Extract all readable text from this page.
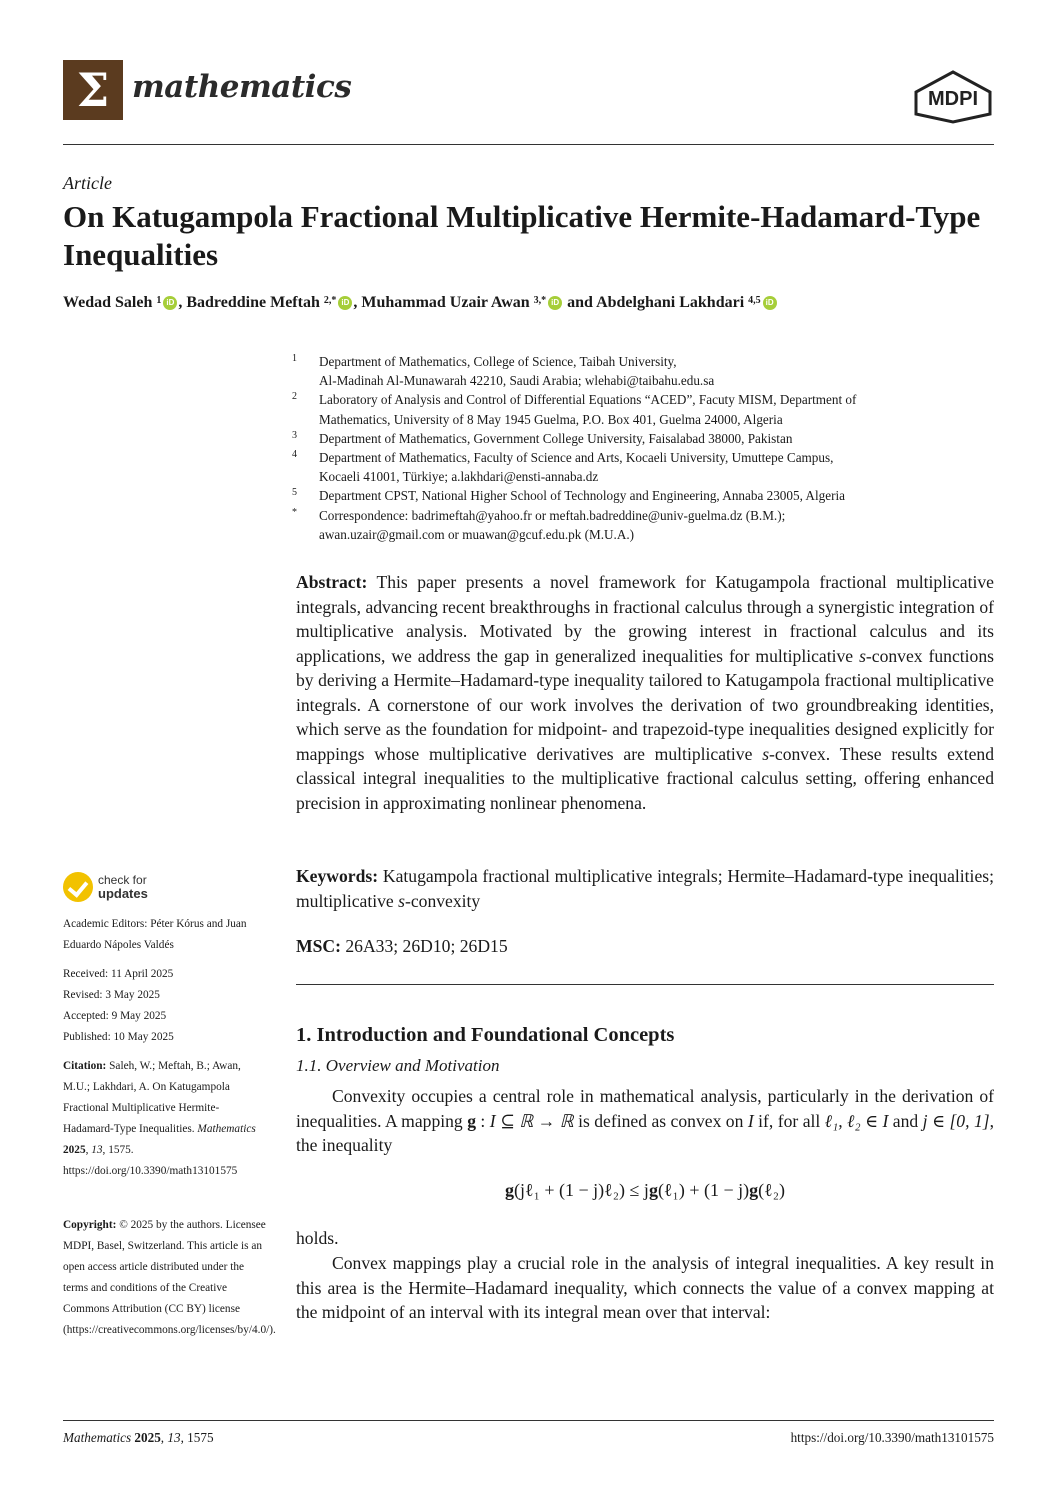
Σ mathematics	MDPI
Article
On Katugampola Fractional Multiplicative Hermite-Hadamard-Type Inequalities
Wedad Saleh $^1$ iD , Badreddine Meftah $^{2,*}$ iD , Muhammad Uzair Awan $^{3,*}$ iD and Abdelghani Lakhdari $^{4,5}$ iD
1	Department of Mathematics, College of Science, Taibah University,
Al-Madinah Al-Munawarah 42210, Saudi Arabia; wlehabi@taibahu.edu.sa
2	Laboratory of Analysis and Control of Differential Equations “ACED”, Facuty MISM, Department of
Mathematics, University of 8 May 1945 Guelma, P.O. Box 401, Guelma 24000, Algeria
3	Department of Mathematics, Government College University, Faisalabad 38000, Pakistan
4	Department of Mathematics, Faculty of Science and Arts, Kocaeli University, Umuttepe Campus,
Kocaeli 41001, Türkiye; a.lakhdari@ensti-annaba.dz
5	Department CPST, National Higher School of Technology and Engineering, Annaba 23005, Algeria
*	Correspondence: badrimeftah@yahoo.fr or meftah.badreddine@univ-guelma.dz (B.M.);
awan.uzair@gmail.com or muawan@gcuf.edu.pk (M.U.A.)
Abstract: This paper presents a novel framework for Katugampola fractional multiplicative integrals, advancing recent breakthroughs in fractional calculus through a synergistic integration of multiplicative analysis. Motivated by the growing interest in fractional calculus and its applications, we address the gap in generalized inequalities for multiplicative s-convex functions by deriving a Hermite–Hadamard-type inequality tailored to Katugampola fractional multiplicative integrals. A cornerstone of our work involves the derivation of two groundbreaking identities, which serve as the foundation for midpoint- and trapezoid-type inequalities designed explicitly for mappings whose multiplicative derivatives are multiplicative s-convex. These results extend classical integral inequalities to the multiplicative fractional calculus setting, offering enhanced precision in approximating nonlinear phenomena.
Keywords: Katugampola fractional multiplicative integrals; Hermite–Hadamard-type inequalities; multiplicative s-convexity
MSC: 26A33; 26D10; 26D15
1. Introduction and Foundational Concepts
1.1. Overview and Motivation
Convexity occupies a central role in mathematical analysis, particularly in the derivation of inequalities. A mapping g : I ⊆ ℝ → ℝ is defined as convex on I if, for all ℓ₁, ℓ₂ ∈ I and ϳ ∈ [0, 1], the inequality
g(ϳℓ₁ + (1 − ϳ)ℓ₂) ≤ ϳg(ℓ₁) + (1 − ϳ)g(ℓ₂)
holds.
Convex mappings play a crucial role in the analysis of integral inequalities. A key result in this area is the Hermite–Hadamard inequality, which connects the value of a convex mapping at the midpoint of an interval with its integral mean over that interval:
check for
updates

Academic Editors: Péter Kórus and Juan Eduardo Nápoles Valdés

Received: 11 April 2025

Revised: 3 May 2025

Accepted: 9 May 2025

Published: 10 May 2025

Citation: Saleh, W.; Meftah, B.; Awan, M.U.; Lakhdari, A. On Katugampola Fractional Multiplicative Hermite-Hadamard-Type Inequalities. Mathematics 2025, 13, 1575. https://doi.org/10.3390/math13101575

Copyright: © 2025 by the authors. Licensee MDPI, Basel, Switzerland. This article is an open access article distributed under the terms and conditions of the Creative Commons Attribution (CC BY) license (https://creativecommons.org/licenses/by/4.0/).

Mathematics 2025, 13, 1575	https://doi.org/10.3390/math13101575
